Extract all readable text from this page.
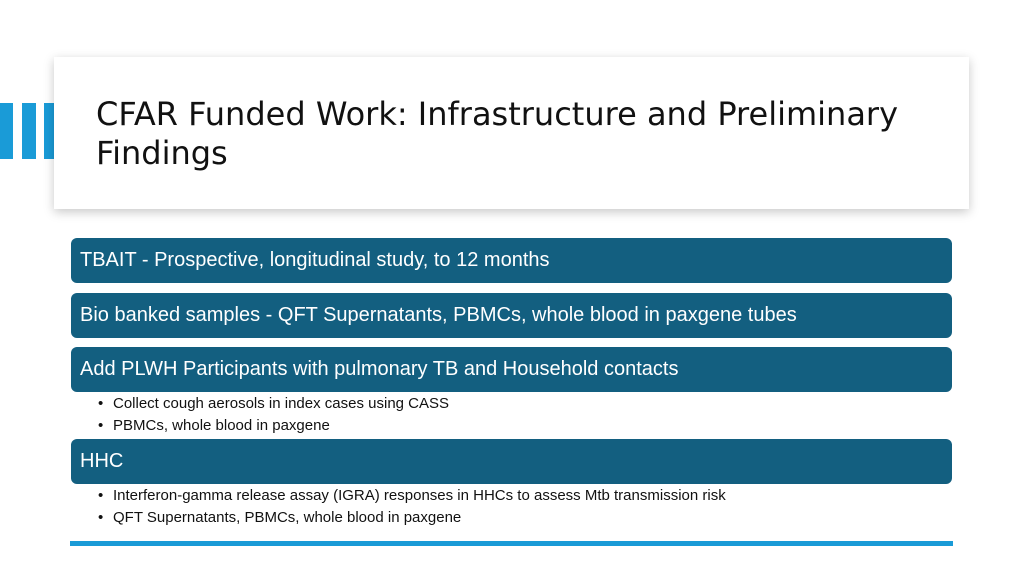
CFAR Funded Work: Infrastructure and Preliminary Findings
TBAIT - Prospective, longitudinal study, to 12 months
Bio banked samples - QFT Supernatants, PBMCs, whole blood in paxgene tubes
Add PLWH Participants with pulmonary TB and Household contacts
• Collect cough aerosols in index cases using CASS
• PBMCs, whole blood in paxgene
HHC
• Interferon-gamma release assay (IGRA) responses in HHCs to assess Mtb transmission risk
• QFT Supernatants, PBMCs, whole blood in paxgene
